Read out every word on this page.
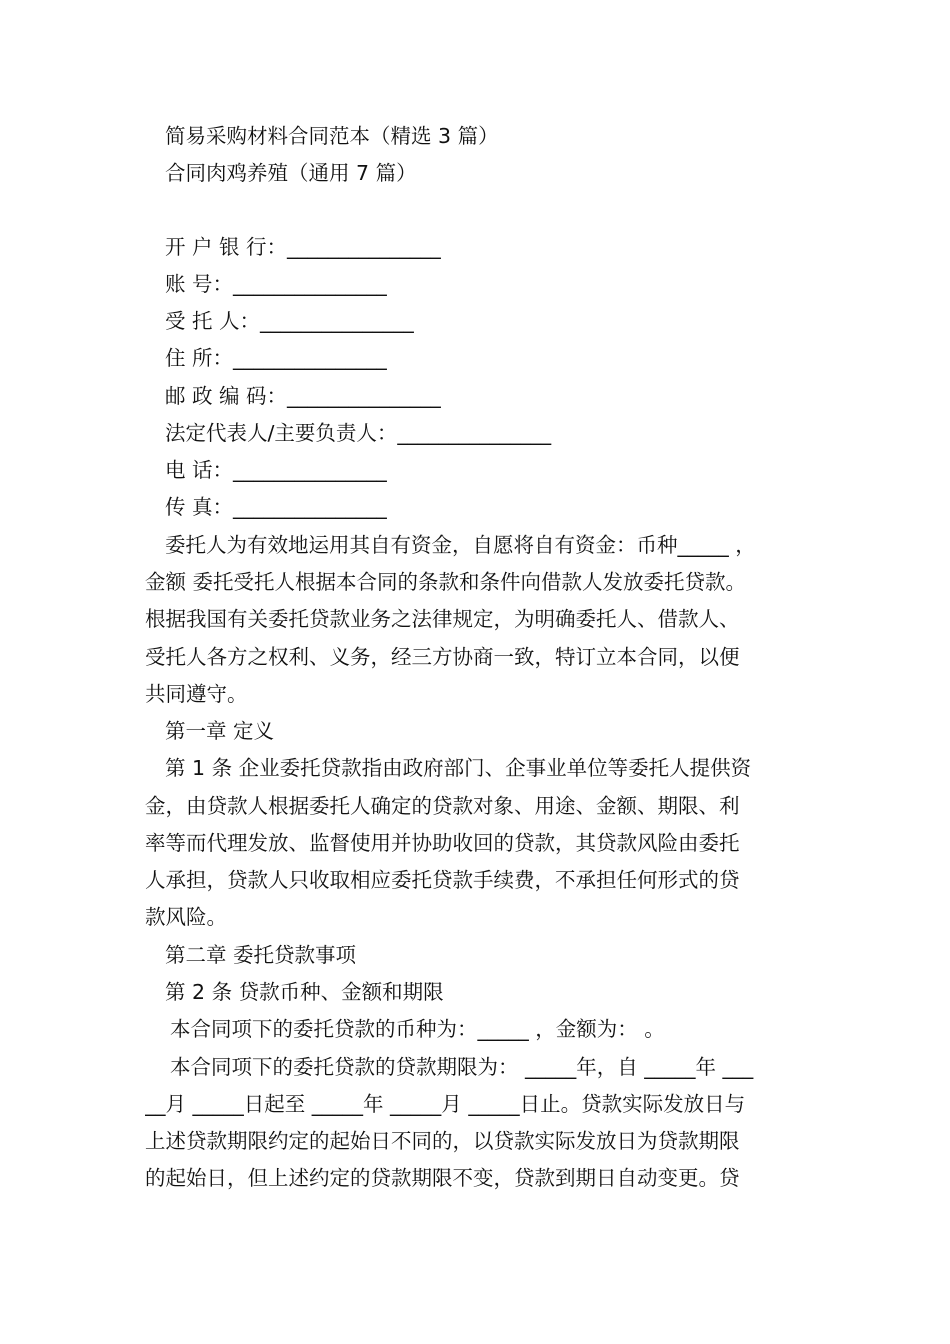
简易采购材料合同范本（精选 3 篇）
合同肉鸡养殖（通用 7 篇）
开 户 银 行：_______________
账 号：_______________
受 托 人：_______________
住 所：_______________
邮 政 编 码：_______________
法定代表人/主要负责人：_______________
电 话：_______________
传 真：_______________
委托人为有效地运用其自有资金，自愿将自有资金：币种_____ ，
金额 委托受托人根据本合同的条款和条件向借款人发放委托贷款。
根据我国有关委托贷款业务之法律规定，为明确委托人、借款人、
受托人各方之权利、义务，经三方协商一致，特订立本合同，以便
共同遵守。
第一章 定义
第 1 条 企业委托贷款指由政府部门、企事业单位等委托人提供资
金，由贷款人根据委托人确定的贷款对象、用途、金额、期限、利
率等而代理发放、监督使用并协助收回的贷款，其贷款风险由委托
人承担，贷款人只收取相应委托贷款手续费，不承担任何形式的贷
款风险。
第二章 委托贷款事项
第 2 条 贷款币种、金额和期限
本合同项下的委托贷款的币种为：_____ ，金额为： 。
本合同项下的委托贷款的贷款期限为： _____年，自 _____年 ___
__月 _____日起至 _____年 _____月 _____日止。贷款实际发放日与
上述贷款期限约定的起始日不同的，以贷款实际发放日为贷款期限
的起始日，但上述约定的贷款期限不变，贷款到期日自动变更。贷
